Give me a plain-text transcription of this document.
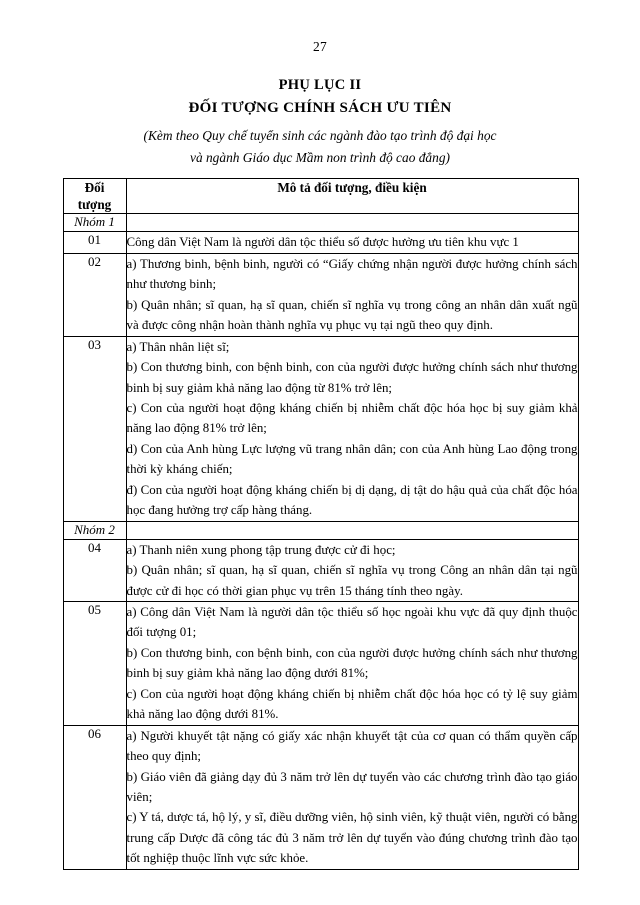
27
PHỤ LỤC II
ĐỐI TƯỢNG CHÍNH SÁCH ƯU TIÊN
(Kèm theo Quy chế tuyển sinh các ngành đào tạo trình độ đại học
và ngành Giáo dục Mầm non trình độ cao đẳng)
Đối
tượng	Mô tả đối tượng, điều kiện
Nhóm 1	
01	Công dân Việt Nam là người dân tộc thiểu số được hưởng ưu tiên khu vực 1

02	a) Thương binh, bệnh binh, người có “Giấy chứng nhận người được hưởng chính sách như thương binh;

b) Quân nhân; sĩ quan, hạ sĩ quan, chiến sĩ nghĩa vụ trong công an nhân dân xuất ngũ và được công nhận hoàn thành nghĩa vụ phục vụ tại ngũ theo quy định.

03	a) Thân nhân liệt sĩ;

b) Con thương binh, con bệnh binh, con của người được hưởng chính sách như thương binh bị suy giảm khả năng lao động từ 81% trở lên;

c) Con của người hoạt động kháng chiến bị nhiễm chất độc hóa học bị suy giảm khả năng lao động 81% trở lên;

d) Con của Anh hùng Lực lượng vũ trang nhân dân; con của Anh hùng Lao động trong thời kỳ kháng chiến;

đ) Con của người hoạt động kháng chiến bị dị dạng, dị tật do hậu quả của chất độc hóa học đang hưởng trợ cấp hàng tháng.

Nhóm 2	
04	a) Thanh niên xung phong tập trung được cử đi học;

b) Quân nhân; sĩ quan, hạ sĩ quan, chiến sĩ nghĩa vụ trong Công an nhân dân tại ngũ được cử đi học có thời gian phục vụ trên 15 tháng tính theo ngày.

05	a) Công dân Việt Nam là người dân tộc thiểu số học ngoài khu vực đã quy định thuộc đối tượng 01;

b) Con thương binh, con bệnh binh, con của người được hưởng chính sách như thương binh bị suy giảm khả năng lao động dưới 81%;

c) Con của người hoạt động kháng chiến bị nhiễm chất độc hóa học có tỷ lệ suy giảm khả năng lao động dưới 81%.

06	a) Người khuyết tật nặng có giấy xác nhận khuyết tật của cơ quan có thẩm quyền cấp theo quy định;

b) Giáo viên đã giảng dạy đủ 3 năm trở lên dự tuyển vào các chương trình đào tạo giáo viên;

c) Y tá, dược tá, hộ lý, y sĩ, điều dưỡng viên, hộ sinh viên, kỹ thuật viên, người có bằng trung cấp Dược đã công tác đủ 3 năm trở lên dự tuyển vào đúng chương trình đào tạo tốt nghiệp thuộc lĩnh vực sức khỏe.
